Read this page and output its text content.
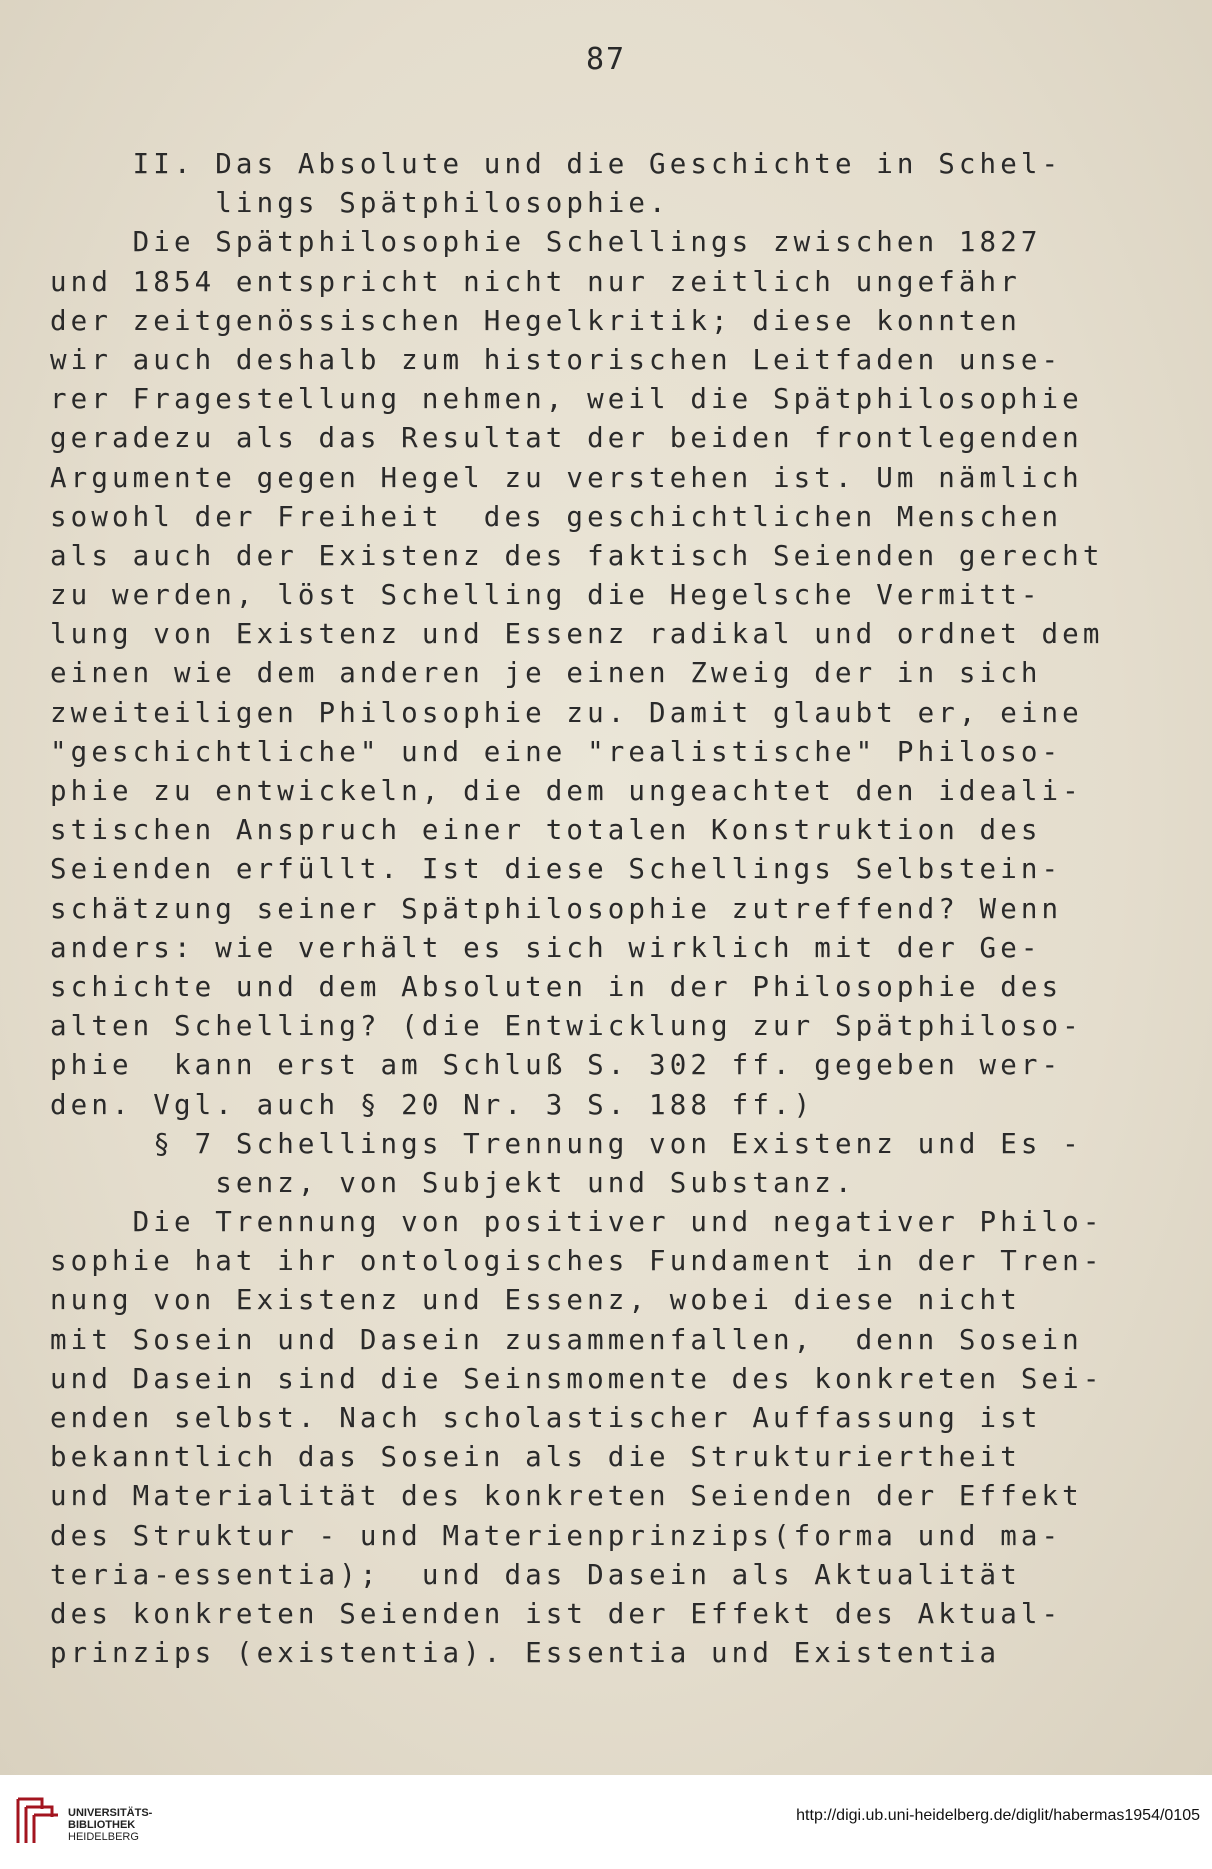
87
II. Das Absolute und die Geschichte in Schel-
lings Spätphilosophie.
Die Spätphilosophie Schellings zwischen 1827
und 1854 entspricht nicht nur zeitlich ungefähr
der zeitgenössischen Hegelkritik; diese konnten
wir auch deshalb zum historischen Leitfaden unse-
rer Fragestellung nehmen, weil die Spätphilosophie
geradezu als das Resultat der beiden frontlegenden
Argumente gegen Hegel zu verstehen ist. Um nämlich
sowohl der Freiheit  des geschichtlichen Menschen
als auch der Existenz des faktisch Seienden gerecht
zu werden, löst Schelling die Hegelsche Vermitt-
lung von Existenz und Essenz radikal und ordnet dem
einen wie dem anderen je einen Zweig der in sich
zweiteiligen Philosophie zu. Damit glaubt er, eine
"geschichtliche" und eine "realistische" Philoso-
phie zu entwickeln, die dem ungeachtet den ideali-
stischen Anspruch einer totalen Konstruktion des
Seienden erfüllt. Ist diese Schellings Selbstein-
schätzung seiner Spätphilosophie zutreffend? Wenn
anders: wie verhält es sich wirklich mit der Ge-
schichte und dem Absoluten in der Philosophie des
alten Schelling? (die Entwicklung zur Spätphiloso-
phie  kann erst am Schluß S. 302 ff. gegeben wer-
den. Vgl. auch § 20 Nr. 3 S. 188 ff.)
§ 7 Schellings Trennung von Existenz und Es -
senz, von Subjekt und Substanz.
Die Trennung von positiver und negativer Philo-
sophie hat ihr ontologisches Fundament in der Tren-
nung von Existenz und Essenz, wobei diese nicht
mit Sosein und Dasein zusammenfallen,  denn Sosein
und Dasein sind die Seinsmomente des konkreten Sei-
enden selbst. Nach scholastischer Auffassung ist
bekanntlich das Sosein als die Strukturiertheit
und Materialität des konkreten Seienden der Effekt
des Struktur - und Materienprinzips(forma und ma-
teria-essentia);  und das Dasein als Aktualität
des konkreten Seienden ist der Effekt des Aktual-
prinzips (existentia). Essentia und Existentia
UNIVERSITÄTS-
BIBLIOTHEK
HEIDELBERG
http://digi.ub.uni-heidelberg.de/diglit/habermas1954/0105
